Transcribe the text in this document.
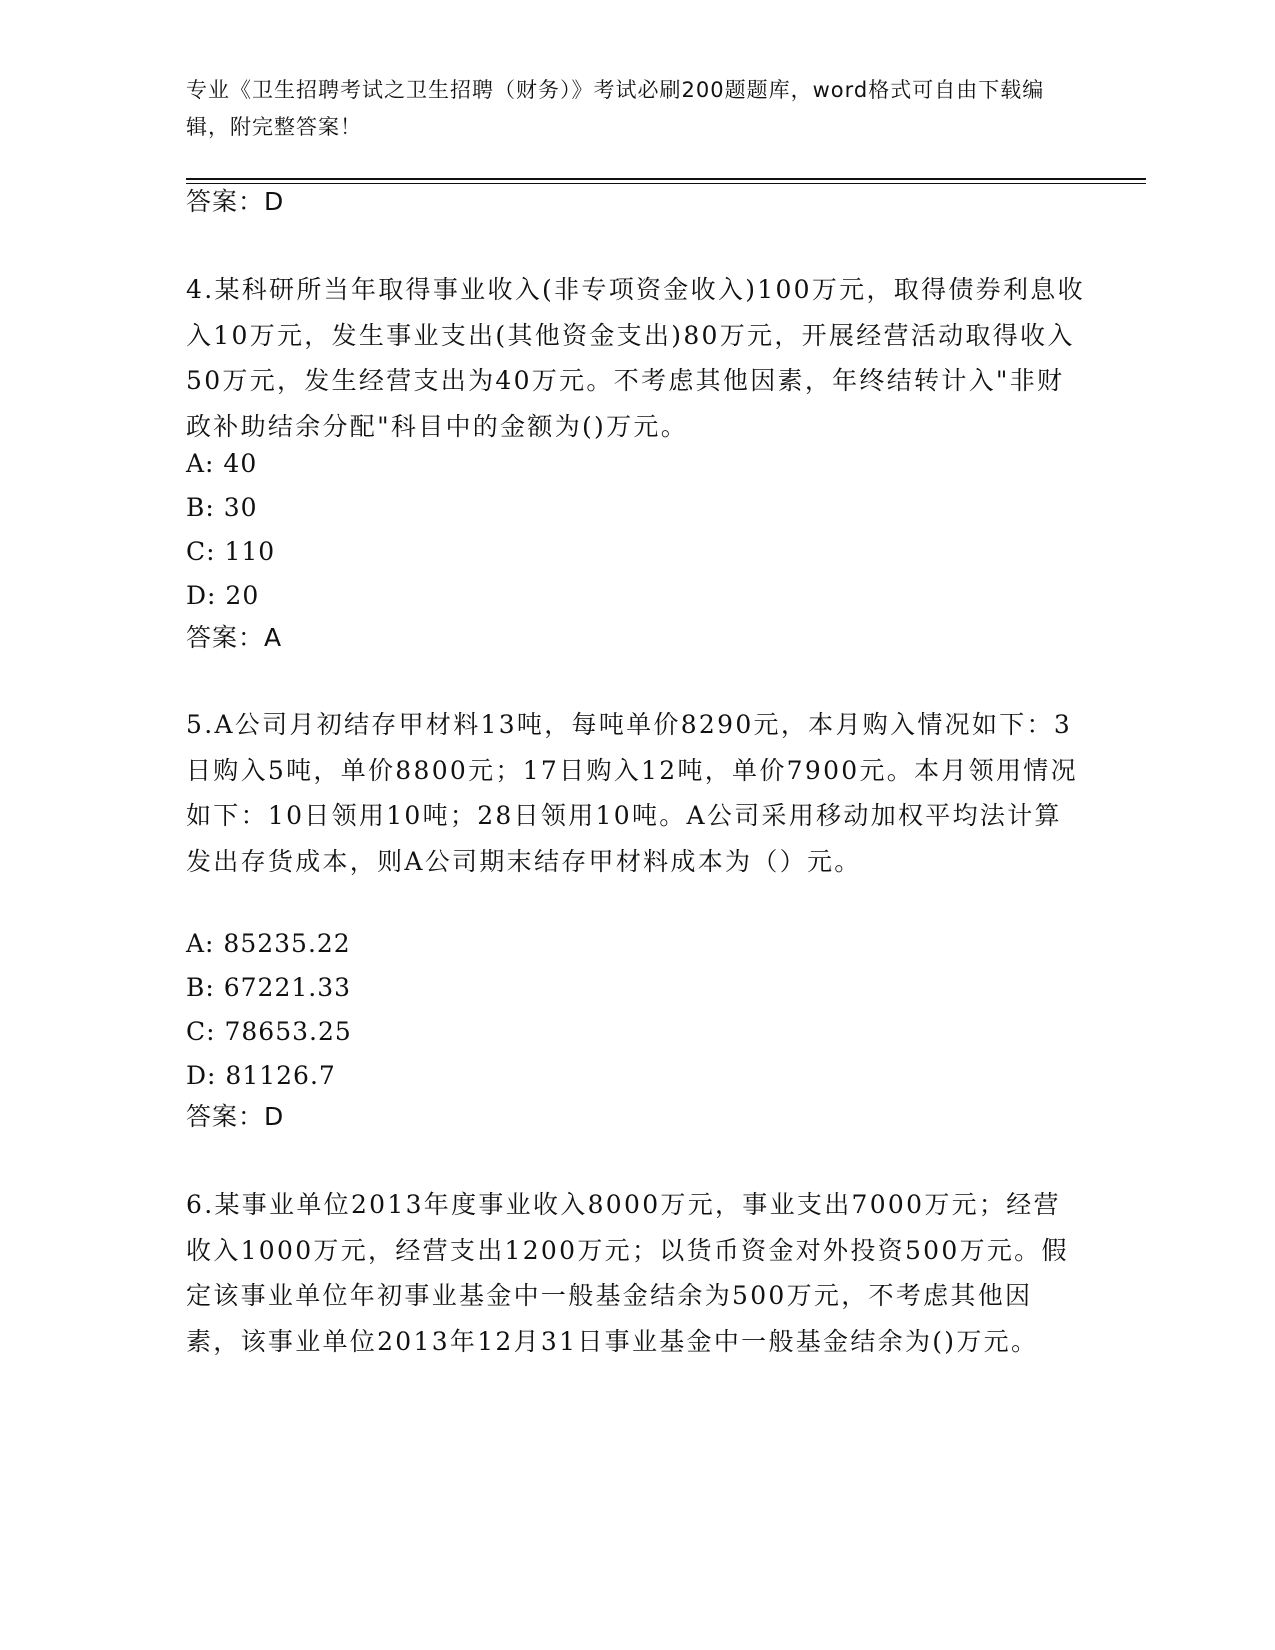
专业《卫生招聘考试之卫生招聘（财务）》考试必刷200题题库，word格式可自由下载编辑，附完整答案！
答案：D
4.某科研所当年取得事业收入(非专项资金收入)100万元，取得债券利息收入10万元，发生事业支出(其他资金支出)80万元，开展经营活动取得收入50万元，发生经营支出为40万元。不考虑其他因素，年终结转计入"非财政补助结余分配"科目中的金额为()万元。
A: 40
B: 30
C: 110
D: 20
答案：A
5.A公司月初结存甲材料13吨，每吨单价8290元，本月购入情况如下：3日购入5吨，单价8800元；17日购入12吨，单价7900元。本月领用情况如下：10日领用10吨；28日领用10吨。A公司采用移动加权平均法计算发出存货成本，则A公司期末结存甲材料成本为（）元。
A: 85235.22
B: 67221.33
C: 78653.25
D: 81126.7
答案：D
6.某事业单位2013年度事业收入8000万元，事业支出7000万元；经营收入1000万元，经营支出1200万元；以货币资金对外投资500万元。假定该事业单位年初事业基金中一般基金结余为500万元，不考虑其他因素，该事业单位2013年12月31日事业基金中一般基金结余为()万元。
